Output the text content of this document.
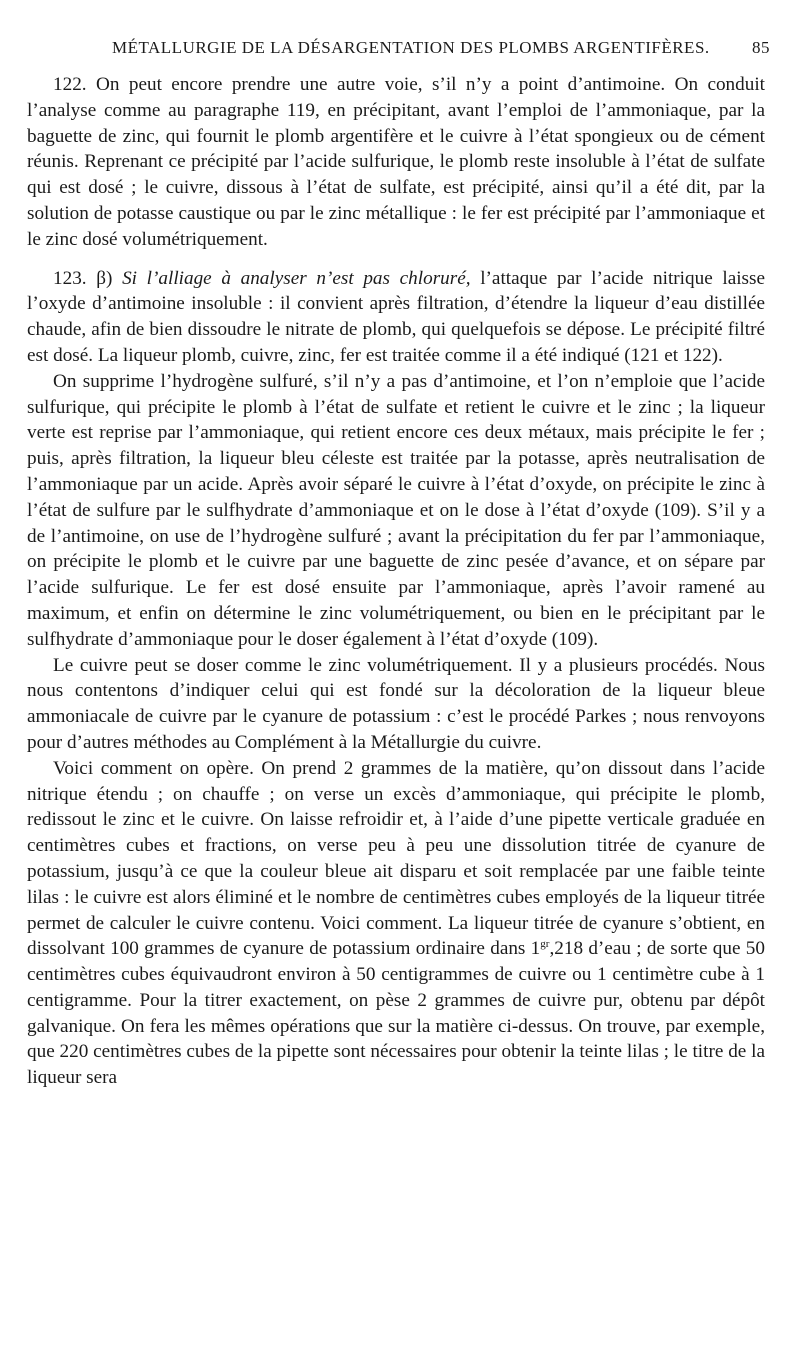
MÉTALLURGIE DE LA DÉSARGENTATION DES PLOMBS ARGENTIFÈRES. 85

122. On peut encore prendre une autre voie, s’il n’y a point d’antimoine. On conduit l’analyse comme au paragraphe 119, en précipitant, avant l’emploi de l’ammoniaque, par la baguette de zinc, qui fournit le plomb argentifère et le cuivre à l’état spongieux ou de cément réunis. Reprenant ce précipité par l’acide sulfurique, le plomb reste insoluble à l’état de sulfate qui est dosé ; le cuivre, dissous à l’état de sulfate, est précipité, ainsi qu’il a été dit, par la solution de potasse caustique ou par le zinc métallique : le fer est précipité par l’ammoniaque et le zinc dosé volumétriquement.

123. β) Si l’alliage à analyser n’est pas chloruré, l’attaque par l’acide nitrique laisse l’oxyde d’antimoine insoluble : il convient après filtration, d’étendre la liqueur d’eau distillée chaude, afin de bien dissoudre le nitrate de plomb, qui quelquefois se dépose. Le précipité filtré est dosé. La liqueur plomb, cuivre, zinc, fer est traitée comme il a été indiqué (121 et 122).

On supprime l’hydrogène sulfuré, s’il n’y a pas d’antimoine, et l’on n’emploie que l’acide sulfurique, qui précipite le plomb à l’état de sulfate et retient le cuivre et le zinc ; la liqueur verte est reprise par l’ammoniaque, qui retient encore ces deux métaux, mais précipite le fer ; puis, après filtration, la liqueur bleu céleste est traitée par la potasse, après neutralisation de l’ammoniaque par un acide. Après avoir séparé le cuivre à l’état d’oxyde, on précipite le zinc à l’état de sulfure par le sulfhydrate d’ammoniaque et on le dose à l’état d’oxyde (109). S’il y a de l’antimoine, on use de l’hydrogène sulfuré ; avant la précipitation du fer par l’ammoniaque, on précipite le plomb et le cuivre par une baguette de zinc pesée d’avance, et on sépare par l’acide sulfurique. Le fer est dosé ensuite par l’ammoniaque, après l’avoir ramené au maximum, et enfin on détermine le zinc volumétriquement, ou bien en le précipitant par le sulfhydrate d’ammoniaque pour le doser également à l’état d’oxyde (109).

Le cuivre peut se doser comme le zinc volumétriquement. Il y a plusieurs procédés. Nous nous contentons d’indiquer celui qui est fondé sur la décoloration de la liqueur bleue ammoniacale de cuivre par le cyanure de potassium : c’est le procédé Parkes ; nous renvoyons pour d’autres méthodes au Complément à la Métallurgie du cuivre.

Voici comment on opère. On prend 2 grammes de la matière, qu’on dissout dans l’acide nitrique étendu ; on chauffe ; on verse un excès d’ammoniaque, qui précipite le plomb, redissout le zinc et le cuivre. On laisse refroidir et, à l’aide d’une pipette verticale graduée en centimètres cubes et fractions, on verse peu à peu une dissolution titrée de cyanure de potassium, jusqu’à ce que la couleur bleue ait disparu et soit remplacée par une faible teinte lilas : le cuivre est alors éliminé et le nombre de centimètres cubes employés de la liqueur titrée permet de calculer le cuivre contenu. Voici comment. La liqueur titrée de cyanure s’obtient, en dissolvant 100 grammes de cyanure de potassium ordinaire dans $1^{gr},218$ d’eau ; de sorte que 50 centimètres cubes équivaudront environ à 50 centigrammes de cuivre ou 1 centimètre cube à 1 centigramme. Pour la titrer exactement, on pèse 2 grammes de cuivre pur, obtenu par dépôt galvanique. On fera les mêmes opérations que sur la matière ci-dessus. On trouve, par exemple, que 220 centimètres cubes de la pipette sont nécessaires pour obtenir la teinte lilas ; le titre de la liqueur sera
